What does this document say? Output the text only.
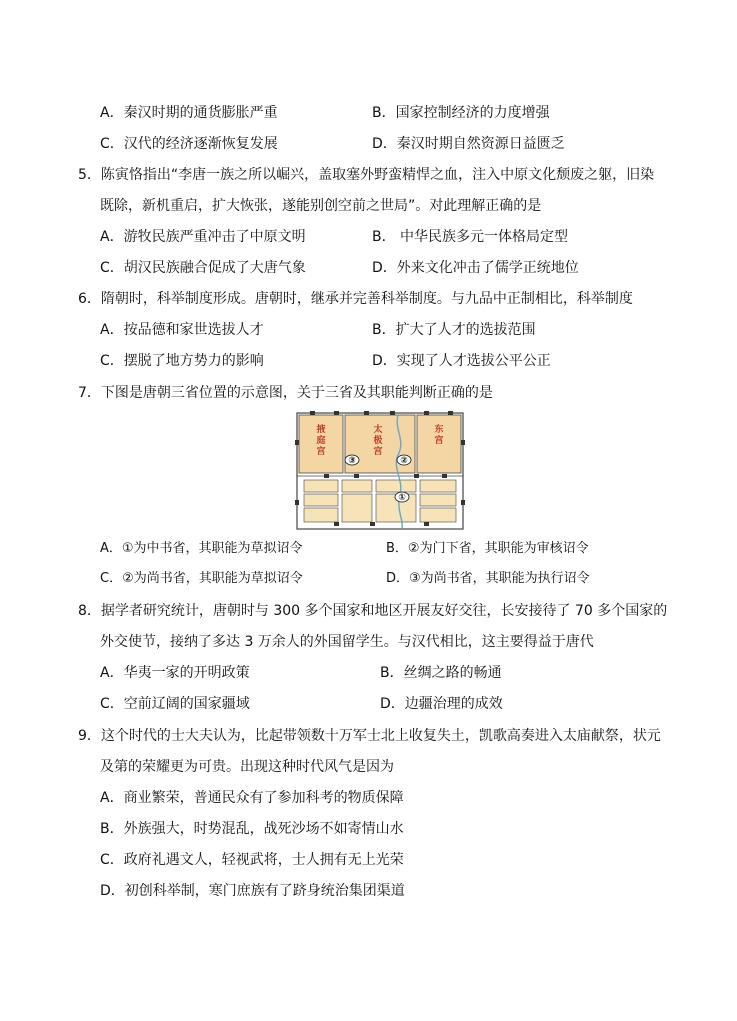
A．秦汉时期的通货膨胀严重	B．国家控制经济的力度增强
C．汉代的经济逐渐恢复发展	D．秦汉时期自然资源日益匮乏
5．陈寅恪指出“李唐一族之所以崛兴，盖取塞外野蛮精悍之血，注入中原文化颓废之躯，旧染
既除，新机重启，扩大恢张，遂能别创空前之世局”。对此理解正确的是
A．游牧民族严重冲击了中原文明	B． 中华民族多元一体格局定型
C．胡汉民族融合促成了大唐气象	D．外来文化冲击了儒学正统地位
6．隋朝时，科举制度形成。唐朝时，继承并完善科举制度。与九品中正制相比，科举制度
A．按品德和家世选拔人才	B．扩大了人才的选拔范围
C．摆脱了地方势力的影响	D．实现了人才选拔公平公正
7．下图是唐朝三省位置的示意图，关于三省及其职能判断正确的是
掖
庭
宫
太
极
宫
东
宫
③	②
①
A．①为中书省，其职能为草拟诏令	B．②为门下省，其职能为审核诏令
C．②为尚书省，其职能为草拟诏令	D．③为尚书省，其职能为执行诏令
8．据学者研究统计，唐朝时与 300 多个国家和地区开展友好交往，长安接待了 70 多个国家的
外交使节，接纳了多达 3 万余人的外国留学生。与汉代相比，这主要得益于唐代
A．华夷一家的开明政策	B．丝绸之路的畅通
C．空前辽阔的国家疆域	D．边疆治理的成效
9．这个时代的士大夫认为，比起带领数十万军士北上收复失土，凯歌高奏进入太庙献祭，状元
及第的荣耀更为可贵。出现这种时代风气是因为
A．商业繁荣，普通民众有了参加科考的物质保障
B．外族强大，时势混乱，战死沙场不如寄情山水
C．政府礼遇文人，轻视武将，士人拥有无上光荣
D．初创科举制，寒门庶族有了跻身统治集团渠道
